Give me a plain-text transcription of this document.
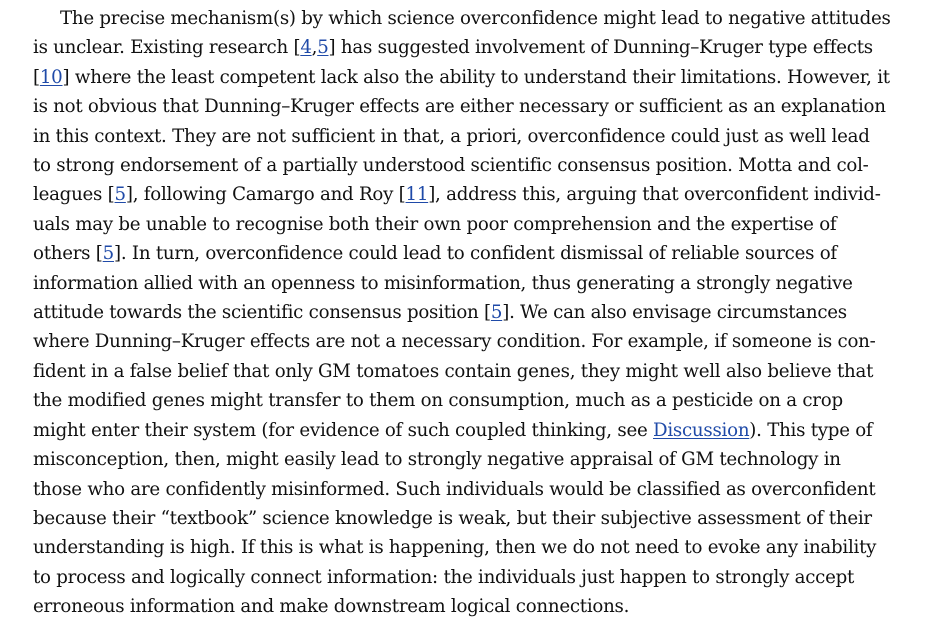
The precise mechanism(s) by which science overconfidence might lead to negative attitudes
is unclear. Existing research [4,5] has suggested involvement of Dunning–Kruger type effects
[10] where the least competent lack also the ability to understand their limitations. However, it
is not obvious that Dunning–Kruger effects are either necessary or sufficient as an explanation
in this context. They are not sufficient in that, a priori, overconfidence could just as well lead
to strong endorsement of a partially understood scientific consensus position. Motta and col-
leagues [5], following Camargo and Roy [11], address this, arguing that overconfident individ-
uals may be unable to recognise both their own poor comprehension and the expertise of
others [5]. In turn, overconfidence could lead to confident dismissal of reliable sources of
information allied with an openness to misinformation, thus generating a strongly negative
attitude towards the scientific consensus position [5]. We can also envisage circumstances
where Dunning–Kruger effects are not a necessary condition. For example, if someone is con-
fident in a false belief that only GM tomatoes contain genes, they might well also believe that
the modified genes might transfer to them on consumption, much as a pesticide on a crop
might enter their system (for evidence of such coupled thinking, see Discussion). This type of
misconception, then, might easily lead to strongly negative appraisal of GM technology in
those who are confidently misinformed. Such individuals would be classified as overconfident
because their “textbook” science knowledge is weak, but their subjective assessment of their
understanding is high. If this is what is happening, then we do not need to evoke any inability
to process and logically connect information: the individuals just happen to strongly accept
erroneous information and make downstream logical connections.
